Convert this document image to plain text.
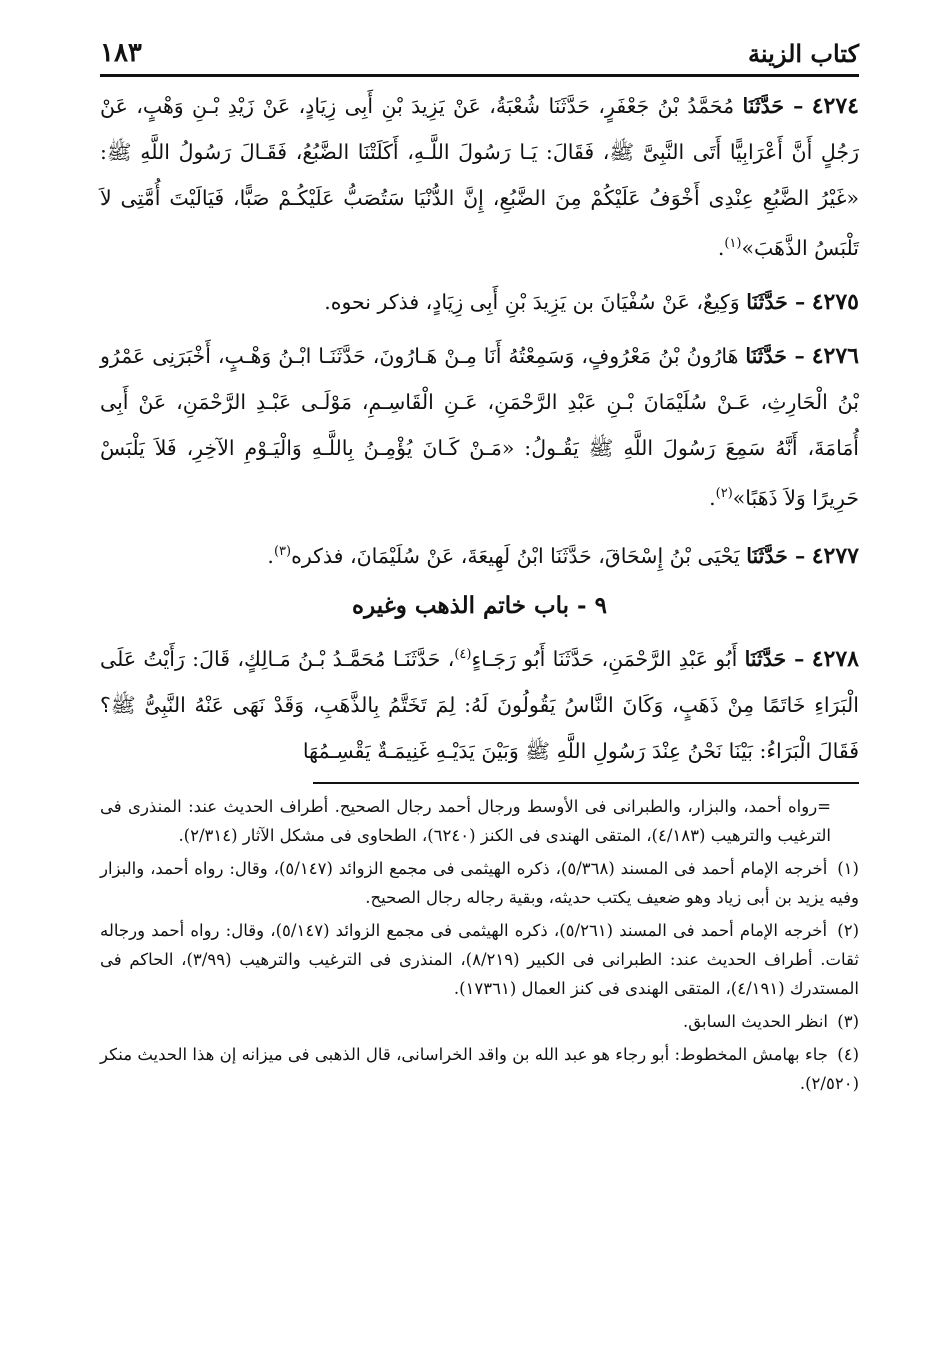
كتاب الزينة
١٨٣

٤٢٧٤ – حَدَّثَنَا مُحَمَّدُ بْنُ جَعْفَرٍ، حَدَّثَنَا شُعْبَةُ، عَنْ يَزِيدَ بْنِ أَبِى زِيَادٍ، عَنْ زَيْدِ بْـنِ وَهْبٍ، عَنْ رَجُلٍ أَنَّ أَعْرَابِيًّا أَتَى النَّبِىَّ ﷺ، فَقَالَ: يَـا رَسُولَ اللَّـهِ، أَكَلَتْنَا الضَّبُعُ، فَقَـالَ رَسُولُ اللَّهِ ﷺ: «غَيْرُ الضَّبُعِ عِنْدِى أَخْوَفُ عَلَيْكُمْ مِنَ الضَّبُعِ، إِنَّ الدُّنْيَا سَتُصَبُّ عَلَيْكُـمْ صَبًّا، فَيَالَيْتَ أُمَّتِى لاَ تَلْبَسُ الذَّهَبَ»$^{(١)}$.

٤٢٧٥ – حَدَّثَنَا وَكِيعٌ، عَنْ سُفْيَانَ بن يَزِيدَ بْنِ أَبِى زِيَادٍ، فذكر نحوه.

٤٢٧٦ – حَدَّثَنَا هَارُونُ بْنُ مَعْرُوفٍ، وَسَمِعْتُهُ أَنَا مِـنْ هَـارُونَ، حَدَّثَنَـا ابْـنُ وَهْـبٍ، أَخْبَرَنِى عَمْرُو بْنُ الْحَارِثِ، عَـنْ سُلَيْمَانَ بْـنِ عَبْدِ الرَّحْمَنِ، عَـنِ الْقَاسِـمِ، مَوْلَـى عَبْـدِ الرَّحْمَنِ، عَنْ أَبِى أُمَامَةَ، أَنَّهُ سَمِعَ رَسُولَ اللَّهِ ﷺ يَقُـولُ: «مَـنْ كَـانَ يُؤْمِـنُ بِاللَّـهِ وَالْيَـوْمِ الآخِرِ، فَلاَ يَلْبَسْ حَرِيرًا وَلاَ ذَهَبًا»$^{(٢)}$.

٤٢٧٧ – حَدَّثَنَا يَحْيَى بْنُ إِسْحَاقَ، حَدَّثَنَا ابْنُ لَهِيعَةَ، عَنْ سُلَيْمَانَ، فذكره$^{(٣)}$.

٩ - باب خاتم الذهب وغيره

٤٢٧٨ – حَدَّثَنَا أَبُو عَبْدِ الرَّحْمَنِ، حَدَّثَنَا أَبُو رَجَـاءٍ$^{(٤)}$، حَدَّثَنَـا مُحَمَّـدُ بْـنُ مَـالِكٍ، قَالَ: رَأَيْتُ عَلَى الْبَرَاءِ خَاتَمًا مِنْ ذَهَبٍ، وَكَانَ النَّاسُ يَقُولُونَ لَهُ: لِمَ تَخَتَّمُ بِالذَّهَبِ، وَقَدْ نَهَى عَنْهُ النَّبِىُّ ﷺ؟ فَقَالَ الْبَرَاءُ: بَيْنَا نَحْنُ عِنْدَ رَسُولِ اللَّهِ ﷺ وَبَيْنَ يَدَيْـهِ غَنِيمَـةٌ يَقْسِـمُهَا

=رواه أحمد، والبزار، والطبرانى فى الأوسط ورجال أحمد رجال الصحيح. أطراف الحديث عند: المنذرى فى الترغيب والترهيب (٤/١٨٣)، المتقى الهندى فى الكنز (٦٢٤٠)، الطحاوى فى مشكل الآثار (٢/٣١٤).

(١) أخرجه الإمام أحمد فى المسند (٥/٣٦٨)، ذكره الهيثمى فى مجمع الزوائد (٥/١٤٧)، وقال: رواه أحمد، والبزار وفيه يزيد بن أبى زياد وهو ضعيف يكتب حديثه، وبقية رجاله رجال الصحيح.

(٢) أخرجه الإمام أحمد فى المسند (٥/٢٦١)، ذكره الهيثمى فى مجمع الزوائد (٥/١٤٧)، وقال: رواه أحمد ورجاله ثقات. أطراف الحديث عند: الطبرانى فى الكبير (٨/٢١٩)، المنذرى فى الترغيب والترهيب (٣/٩٩)، الحاكم فى المستدرك (٤/١٩١)، المتقى الهندى فى كنز العمال (١٧٣٦١).

(٣) انظر الحديث السابق.

(٤) جاء بهامش المخطوط: أبو رجاء هو عبد الله بن واقد الخراسانى، قال الذهبى فى ميزانه إن هذا الحديث منكر (٢/٥٢٠).
